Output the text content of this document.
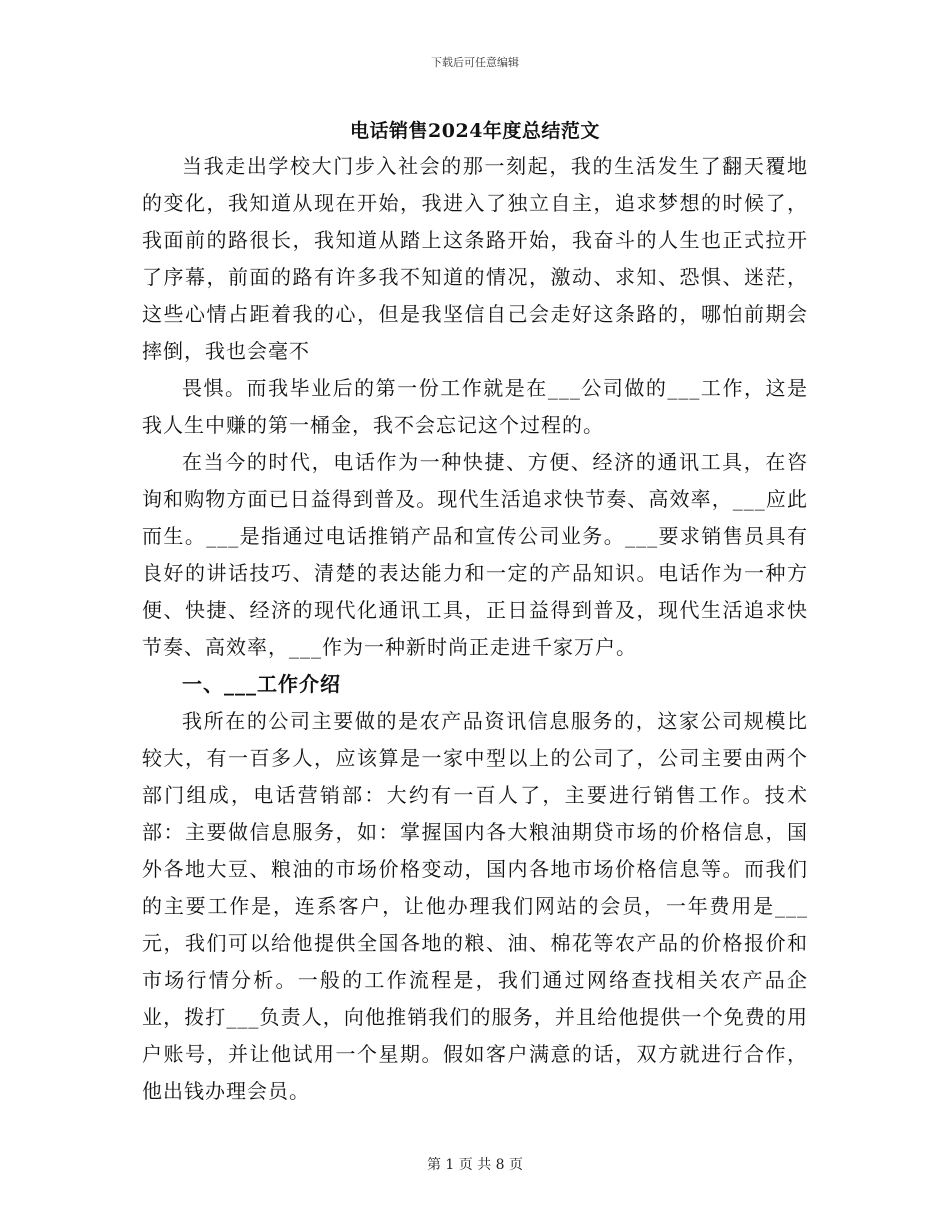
下载后可任意编辑
电话销售2024年度总结范文

当我走出学校大门步入社会的那一刻起，我的生活发生了翻天覆地的变化，我知道从现在开始，我进入了独立自主，追求梦想的时候了，我面前的路很长，我知道从踏上这条路开始，我奋斗的人生也正式拉开了序幕，前面的路有许多我不知道的情况，激动、求知、恐惧、迷茫，这些心情占距着我的心，但是我坚信自己会走好这条路的，哪怕前期会摔倒，我也会毫不

畏惧。而我毕业后的第一份工作就是在___公司做的___工作，这是我人生中赚的第一桶金，我不会忘记这个过程的。

在当今的时代，电话作为一种快捷、方便、经济的通讯工具，在咨询和购物方面已日益得到普及。现代生活追求快节奏、高效率，___应此而生。___是指通过电话推销产品和宣传公司业务。___要求销售员具有良好的讲话技巧、清楚的表达能力和一定的产品知识。电话作为一种方便、快捷、经济的现代化通讯工具，正日益得到普及，现代生活追求快节奏、高效率，___作为一种新时尚正走进千家万户。

一、___工作介绍

我所在的公司主要做的是农产品资讯信息服务的，这家公司规模比较大，有一百多人，应该算是一家中型以上的公司了，公司主要由两个部门组成，电话营销部：大约有一百人了，主要进行销售工作。技术部：主要做信息服务，如：掌握国内各大粮油期贷市场的价格信息，国外各地大豆、粮油的市场价格变动，国内各地市场价格信息等。而我们的主要工作是，连系客户，让他办理我们网站的会员，一年费用是___元，我们可以给他提供全国各地的粮、油、棉花等农产品的价格报价和市场行情分析。一般的工作流程是，我们通过网络查找相关农产品企业，拨打___负责人，向他推销我们的服务，并且给他提供一个免费的用户账号，并让他试用一个星期。假如客户满意的话，双方就进行合作，他出钱办理会员。

第 1 页 共 8 页
